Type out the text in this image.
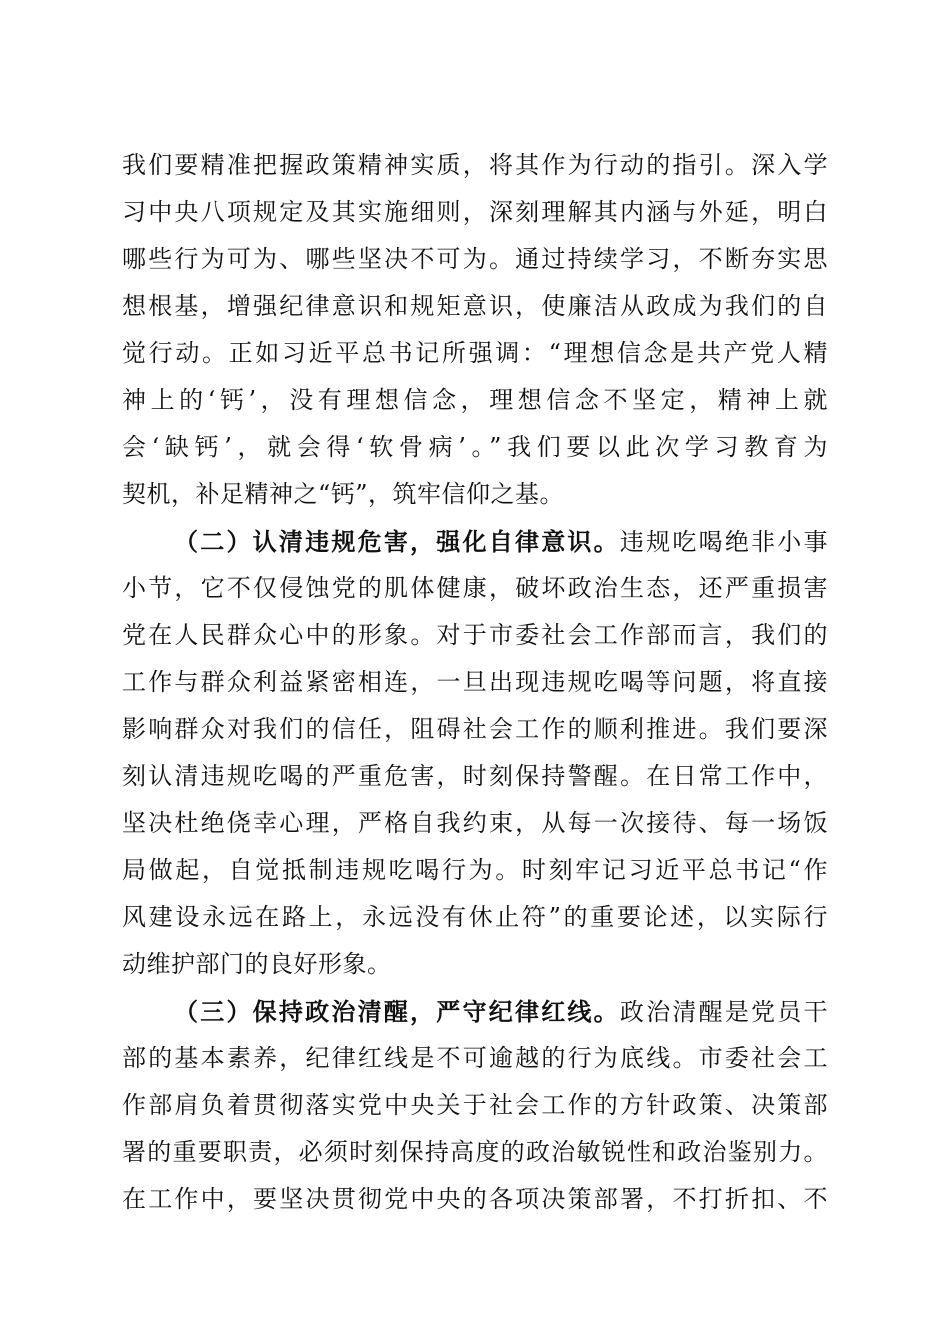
我们要精准把握政策精神实质，将其作为行动的指引。深入学
习中央八项规定及其实施细则，深刻理解其内涵与外延，明白
哪些行为可为、哪些坚决不可为。通过持续学习，不断夯实思
想根基，增强纪律意识和规矩意识，使廉洁从政成为我们的自
觉行动。正如习近平总书记所强调：“理想信念是共产党人精
神上的‘钙’，没有理想信念，理想信念不坚定，精神上就
会‘缺钙’，就会得‘软骨病’。”我们要以此次学习教育为
契机，补足精神之“钙”，筑牢信仰之基。
（二）认清违规危害，强化自律意识。违规吃喝绝非小事
小节，它不仅侵蚀党的肌体健康，破坏政治生态，还严重损害
党在人民群众心中的形象。对于市委社会工作部而言，我们的
工作与群众利益紧密相连，一旦出现违规吃喝等问题，将直接
影响群众对我们的信任，阻碍社会工作的顺利推进。我们要深
刻认清违规吃喝的严重危害，时刻保持警醒。在日常工作中，
坚决杜绝侥幸心理，严格自我约束，从每一次接待、每一场饭
局做起，自觉抵制违规吃喝行为。时刻牢记习近平总书记“作
风建设永远在路上，永远没有休止符”的重要论述，以实际行
动维护部门的良好形象。
（三）保持政治清醒，严守纪律红线。政治清醒是党员干
部的基本素养，纪律红线是不可逾越的行为底线。市委社会工
作部肩负着贯彻落实党中央关于社会工作的方针政策、决策部
署的重要职责，必须时刻保持高度的政治敏锐性和政治鉴别力。
在工作中，要坚决贯彻党中央的各项决策部署，不打折扣、不
